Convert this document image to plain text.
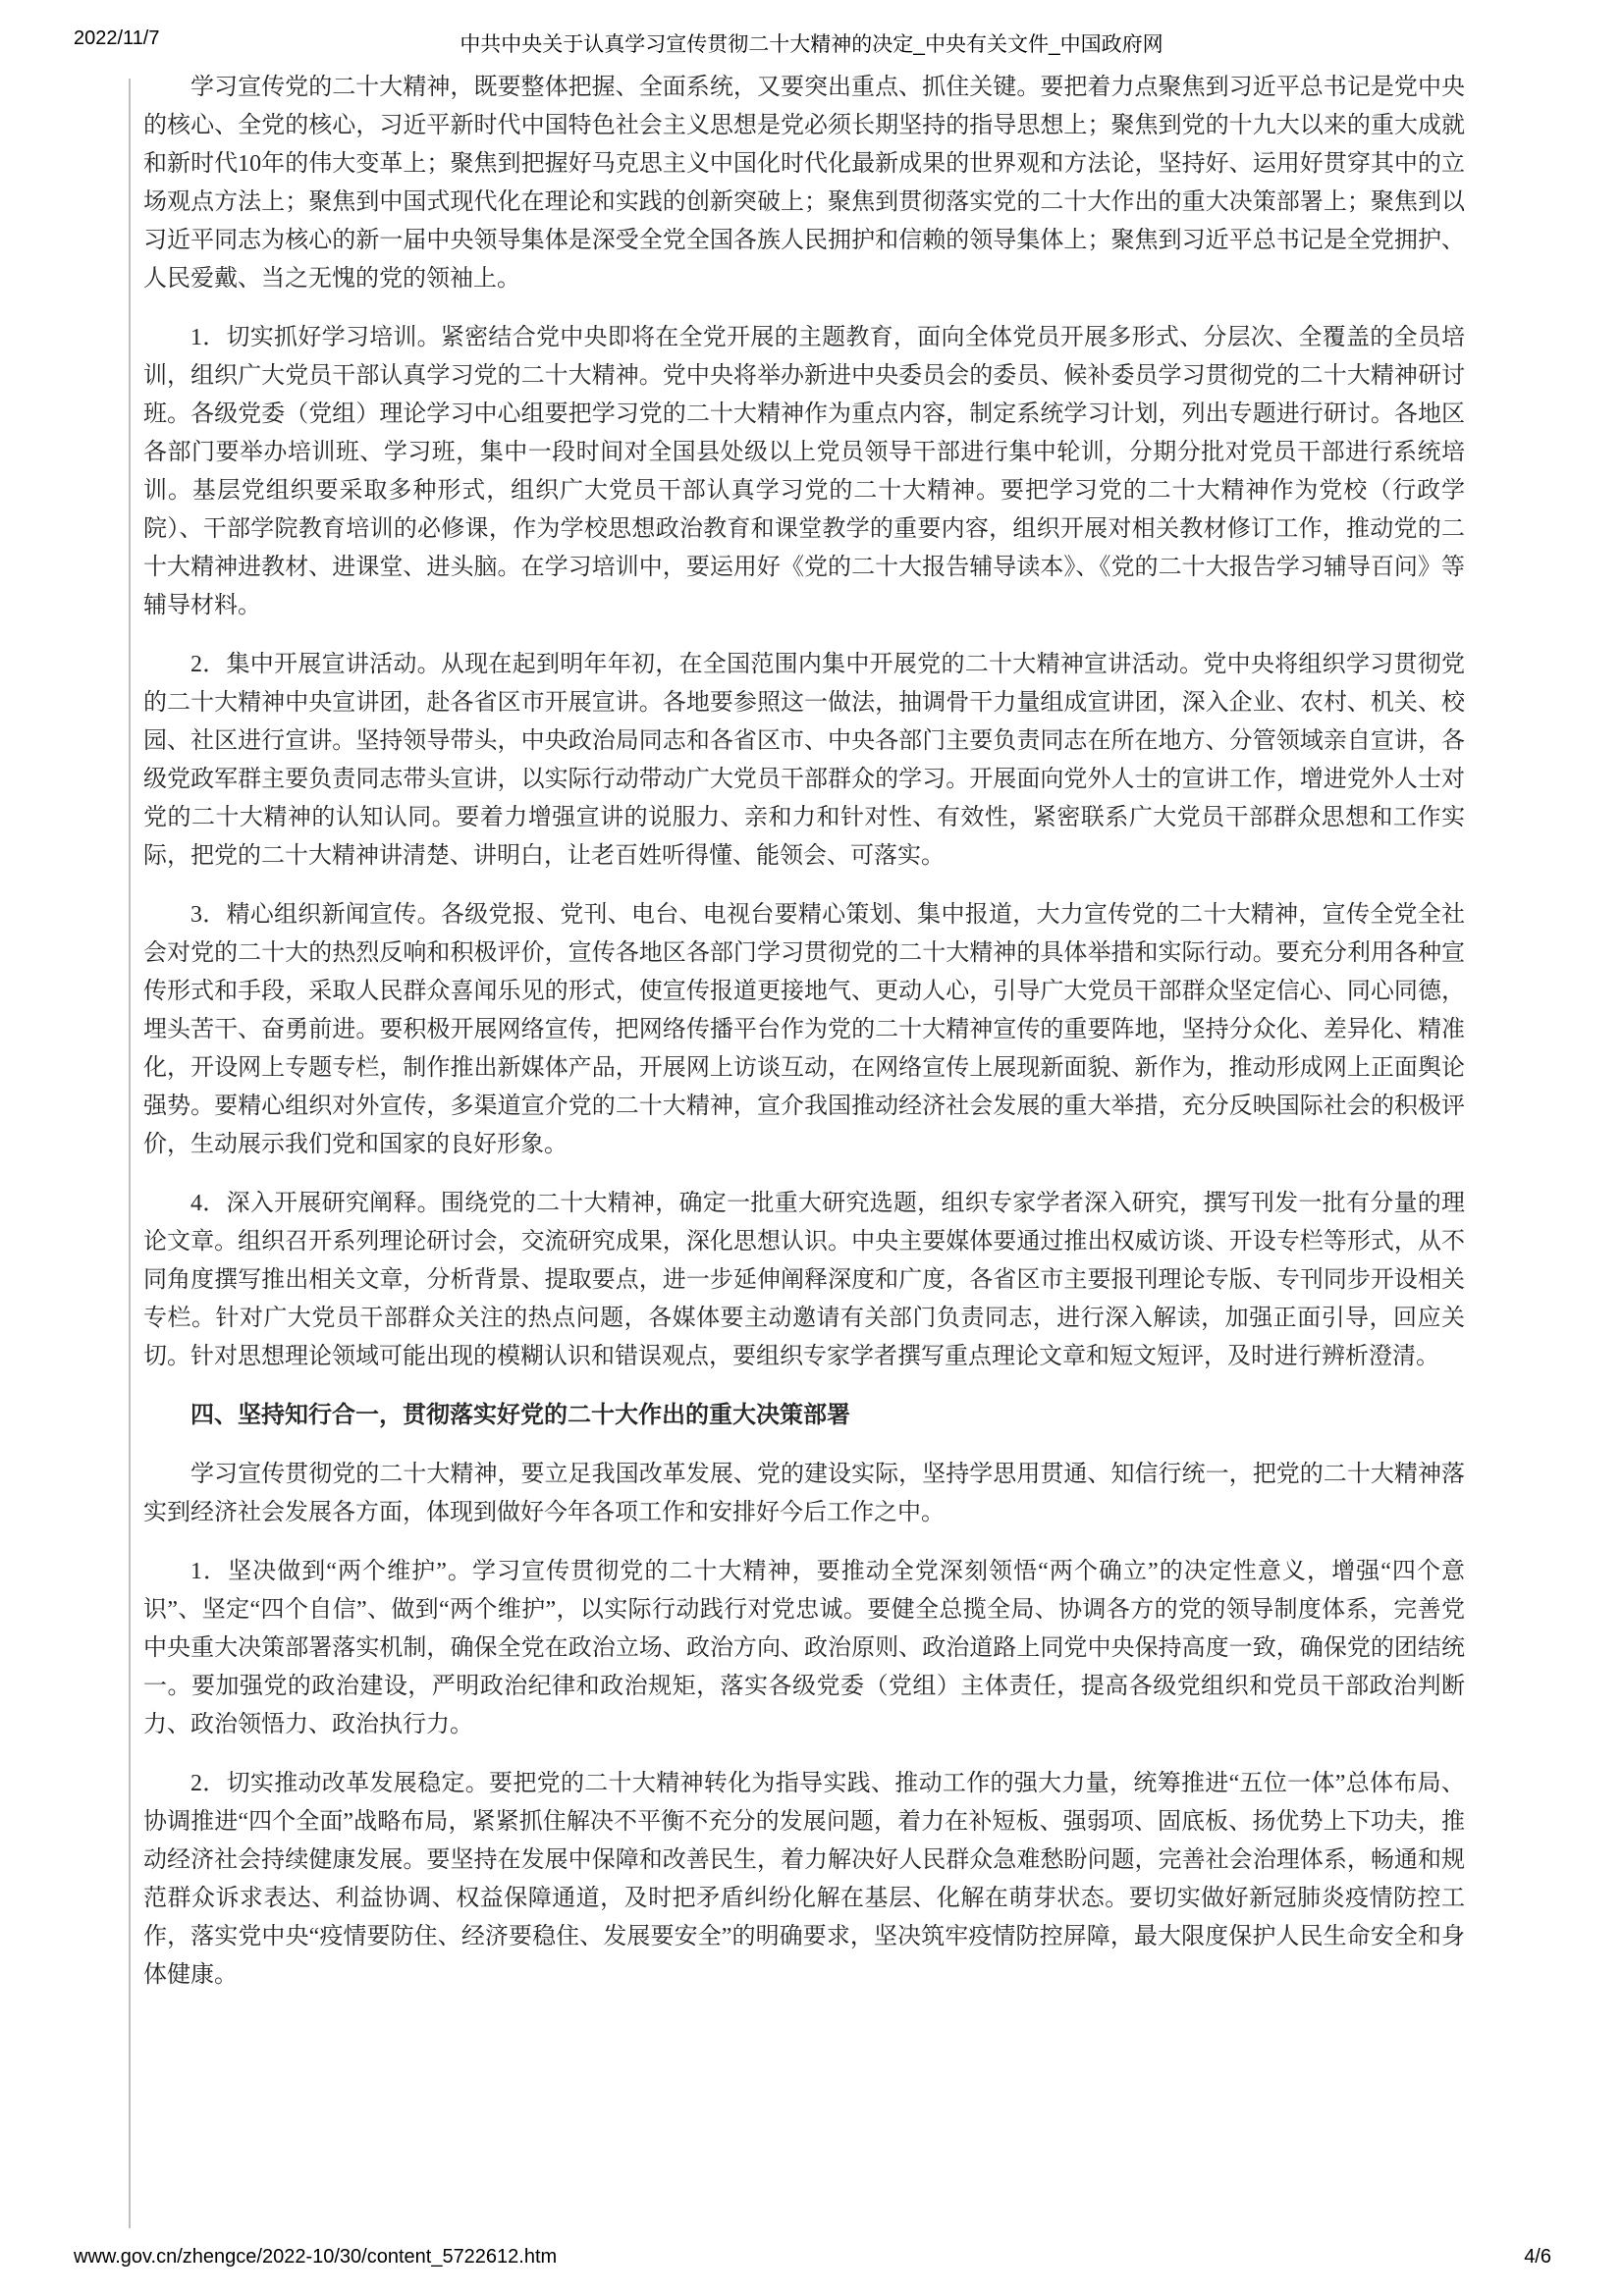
2022/11/7	中共中央关于认真学习宣传贯彻二十大精神的决定_中央有关文件_中国政府网

学习宣传党的二十大精神，既要整体把握、全面系统，又要突出重点、抓住关键。要把着力点聚焦到习近平总书记是党中央的核心、全党的核心，习近平新时代中国特色社会主义思想是党必须长期坚持的指导思想上；聚焦到党的十九大以来的重大成就和新时代10年的伟大变革上；聚焦到把握好马克思主义中国化时代化最新成果的世界观和方法论，坚持好、运用好贯穿其中的立场观点方法上；聚焦到中国式现代化在理论和实践的创新突破上；聚焦到贯彻落实党的二十大作出的重大决策部署上；聚焦到以习近平同志为核心的新一届中央领导集体是深受全党全国各族人民拥护和信赖的领导集体上；聚焦到习近平总书记是全党拥护、人民爱戴、当之无愧的党的领袖上。

1．切实抓好学习培训。紧密结合党中央即将在全党开展的主题教育，面向全体党员开展多形式、分层次、全覆盖的全员培训，组织广大党员干部认真学习党的二十大精神。党中央将举办新进中央委员会的委员、候补委员学习贯彻党的二十大精神研讨班。各级党委（党组）理论学习中心组要把学习党的二十大精神作为重点内容，制定系统学习计划，列出专题进行研讨。各地区各部门要举办培训班、学习班，集中一段时间对全国县处级以上党员领导干部进行集中轮训，分期分批对党员干部进行系统培训。基层党组织要采取多种形式，组织广大党员干部认真学习党的二十大精神。要把学习党的二十大精神作为党校（行政学院）、干部学院教育培训的必修课，作为学校思想政治教育和课堂教学的重要内容，组织开展对相关教材修订工作，推动党的二十大精神进教材、进课堂、进头脑。在学习培训中，要运用好《党的二十大报告辅导读本》、《党的二十大报告学习辅导百问》等辅导材料。

2．集中开展宣讲活动。从现在起到明年年初，在全国范围内集中开展党的二十大精神宣讲活动。党中央将组织学习贯彻党的二十大精神中央宣讲团，赴各省区市开展宣讲。各地要参照这一做法，抽调骨干力量组成宣讲团，深入企业、农村、机关、校园、社区进行宣讲。坚持领导带头，中央政治局同志和各省区市、中央各部门主要负责同志在所在地方、分管领域亲自宣讲，各级党政军群主要负责同志带头宣讲，以实际行动带动广大党员干部群众的学习。开展面向党外人士的宣讲工作，增进党外人士对党的二十大精神的认知认同。要着力增强宣讲的说服力、亲和力和针对性、有效性，紧密联系广大党员干部群众思想和工作实际，把党的二十大精神讲清楚、讲明白，让老百姓听得懂、能领会、可落实。

3．精心组织新闻宣传。各级党报、党刊、电台、电视台要精心策划、集中报道，大力宣传党的二十大精神，宣传全党全社会对党的二十大的热烈反响和积极评价，宣传各地区各部门学习贯彻党的二十大精神的具体举措和实际行动。要充分利用各种宣传形式和手段，采取人民群众喜闻乐见的形式，使宣传报道更接地气、更动人心，引导广大党员干部群众坚定信心、同心同德，埋头苦干、奋勇前进。要积极开展网络宣传，把网络传播平台作为党的二十大精神宣传的重要阵地，坚持分众化、差异化、精准化，开设网上专题专栏，制作推出新媒体产品，开展网上访谈互动，在网络宣传上展现新面貌、新作为，推动形成网上正面舆论强势。要精心组织对外宣传，多渠道宣介党的二十大精神，宣介我国推动经济社会发展的重大举措，充分反映国际社会的积极评价，生动展示我们党和国家的良好形象。

4．深入开展研究阐释。围绕党的二十大精神，确定一批重大研究选题，组织专家学者深入研究，撰写刊发一批有分量的理论文章。组织召开系列理论研讨会，交流研究成果，深化思想认识。中央主要媒体要通过推出权威访谈、开设专栏等形式，从不同角度撰写推出相关文章，分析背景、提取要点，进一步延伸阐释深度和广度，各省区市主要报刊理论专版、专刊同步开设相关专栏。针对广大党员干部群众关注的热点问题，各媒体要主动邀请有关部门负责同志，进行深入解读，加强正面引导，回应关切。针对思想理论领域可能出现的模糊认识和错误观点，要组织专家学者撰写重点理论文章和短文短评，及时进行辨析澄清。

四、坚持知行合一，贯彻落实好党的二十大作出的重大决策部署

学习宣传贯彻党的二十大精神，要立足我国改革发展、党的建设实际，坚持学思用贯通、知信行统一，把党的二十大精神落实到经济社会发展各方面，体现到做好今年各项工作和安排好今后工作之中。

1．坚决做到“两个维护”。学习宣传贯彻党的二十大精神，要推动全党深刻领悟“两个确立”的决定性意义，增强“四个意识”、坚定“四个自信”、做到“两个维护”，以实际行动践行对党忠诚。要健全总揽全局、协调各方的党的领导制度体系，完善党中央重大决策部署落实机制，确保全党在政治立场、政治方向、政治原则、政治道路上同党中央保持高度一致，确保党的团结统一。要加强党的政治建设，严明政治纪律和政治规矩，落实各级党委（党组）主体责任，提高各级党组织和党员干部政治判断力、政治领悟力、政治执行力。

2．切实推动改革发展稳定。要把党的二十大精神转化为指导实践、推动工作的强大力量，统筹推进“五位一体”总体布局、协调推进“四个全面”战略布局，紧紧抓住解决不平衡不充分的发展问题，着力在补短板、强弱项、固底板、扬优势上下功夫，推动经济社会持续健康发展。要坚持在发展中保障和改善民生，着力解决好人民群众急难愁盼问题，完善社会治理体系，畅通和规范群众诉求表达、利益协调、权益保障通道，及时把矛盾纠纷化解在基层、化解在萌芽状态。要切实做好新冠肺炎疫情防控工作，落实党中央“疫情要防住、经济要稳住、发展要安全”的明确要求，坚决筑牢疫情防控屏障，最大限度保护人民生命安全和身体健康。

www.gov.cn/zhengce/2022-10/30/content_5722612.htm	4/6
